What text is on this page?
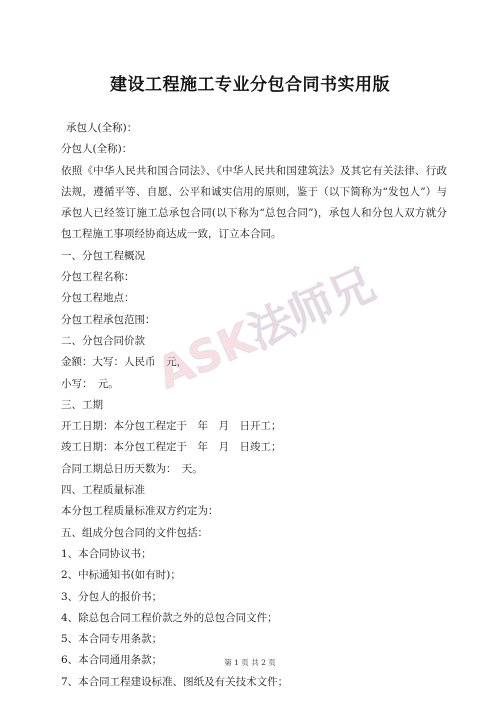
建设工程施工专业分包合同书实用版
承包人(全称)：
分包人(全称)：
依照《中华人民共和国合同法》、《中华人民共和国建筑法》及其它有关法律、行政法规，遵循平等、自愿、公平和诚实信用的原则，鉴于（以下简称为“发包人”）与承包人已经签订施工总承包合同(以下称为“总包合同”)，承包人和分包人双方就分包工程施工事项经协商达成一致，订立本合同。
一、分包工程概况
分包工程名称：
分包工程地点：
分包工程承包范围：
二、分包合同价款
金额：大写：人民币　元，
小写：　元。
三、工期
开工日期：本分包工程定于　年　月　日开工；
竣工日期：本分包工程定于　年　月　日竣工；
合同工期总日历天数为：　天。
四、工程质量标准
本分包工程质量标准双方约定为：
五、组成分包合同的文件包括：
1、本合同协议书；
2、中标通知书(如有时)；
3、分包人的报价书；
4、除总包合同工程价款之外的总包合同文件；
5、本合同专用条款；
6、本合同通用条款；
7、本合同工程建设标准、图纸及有关技术文件；
ASK法师兄
第 1 页 共 2 页
